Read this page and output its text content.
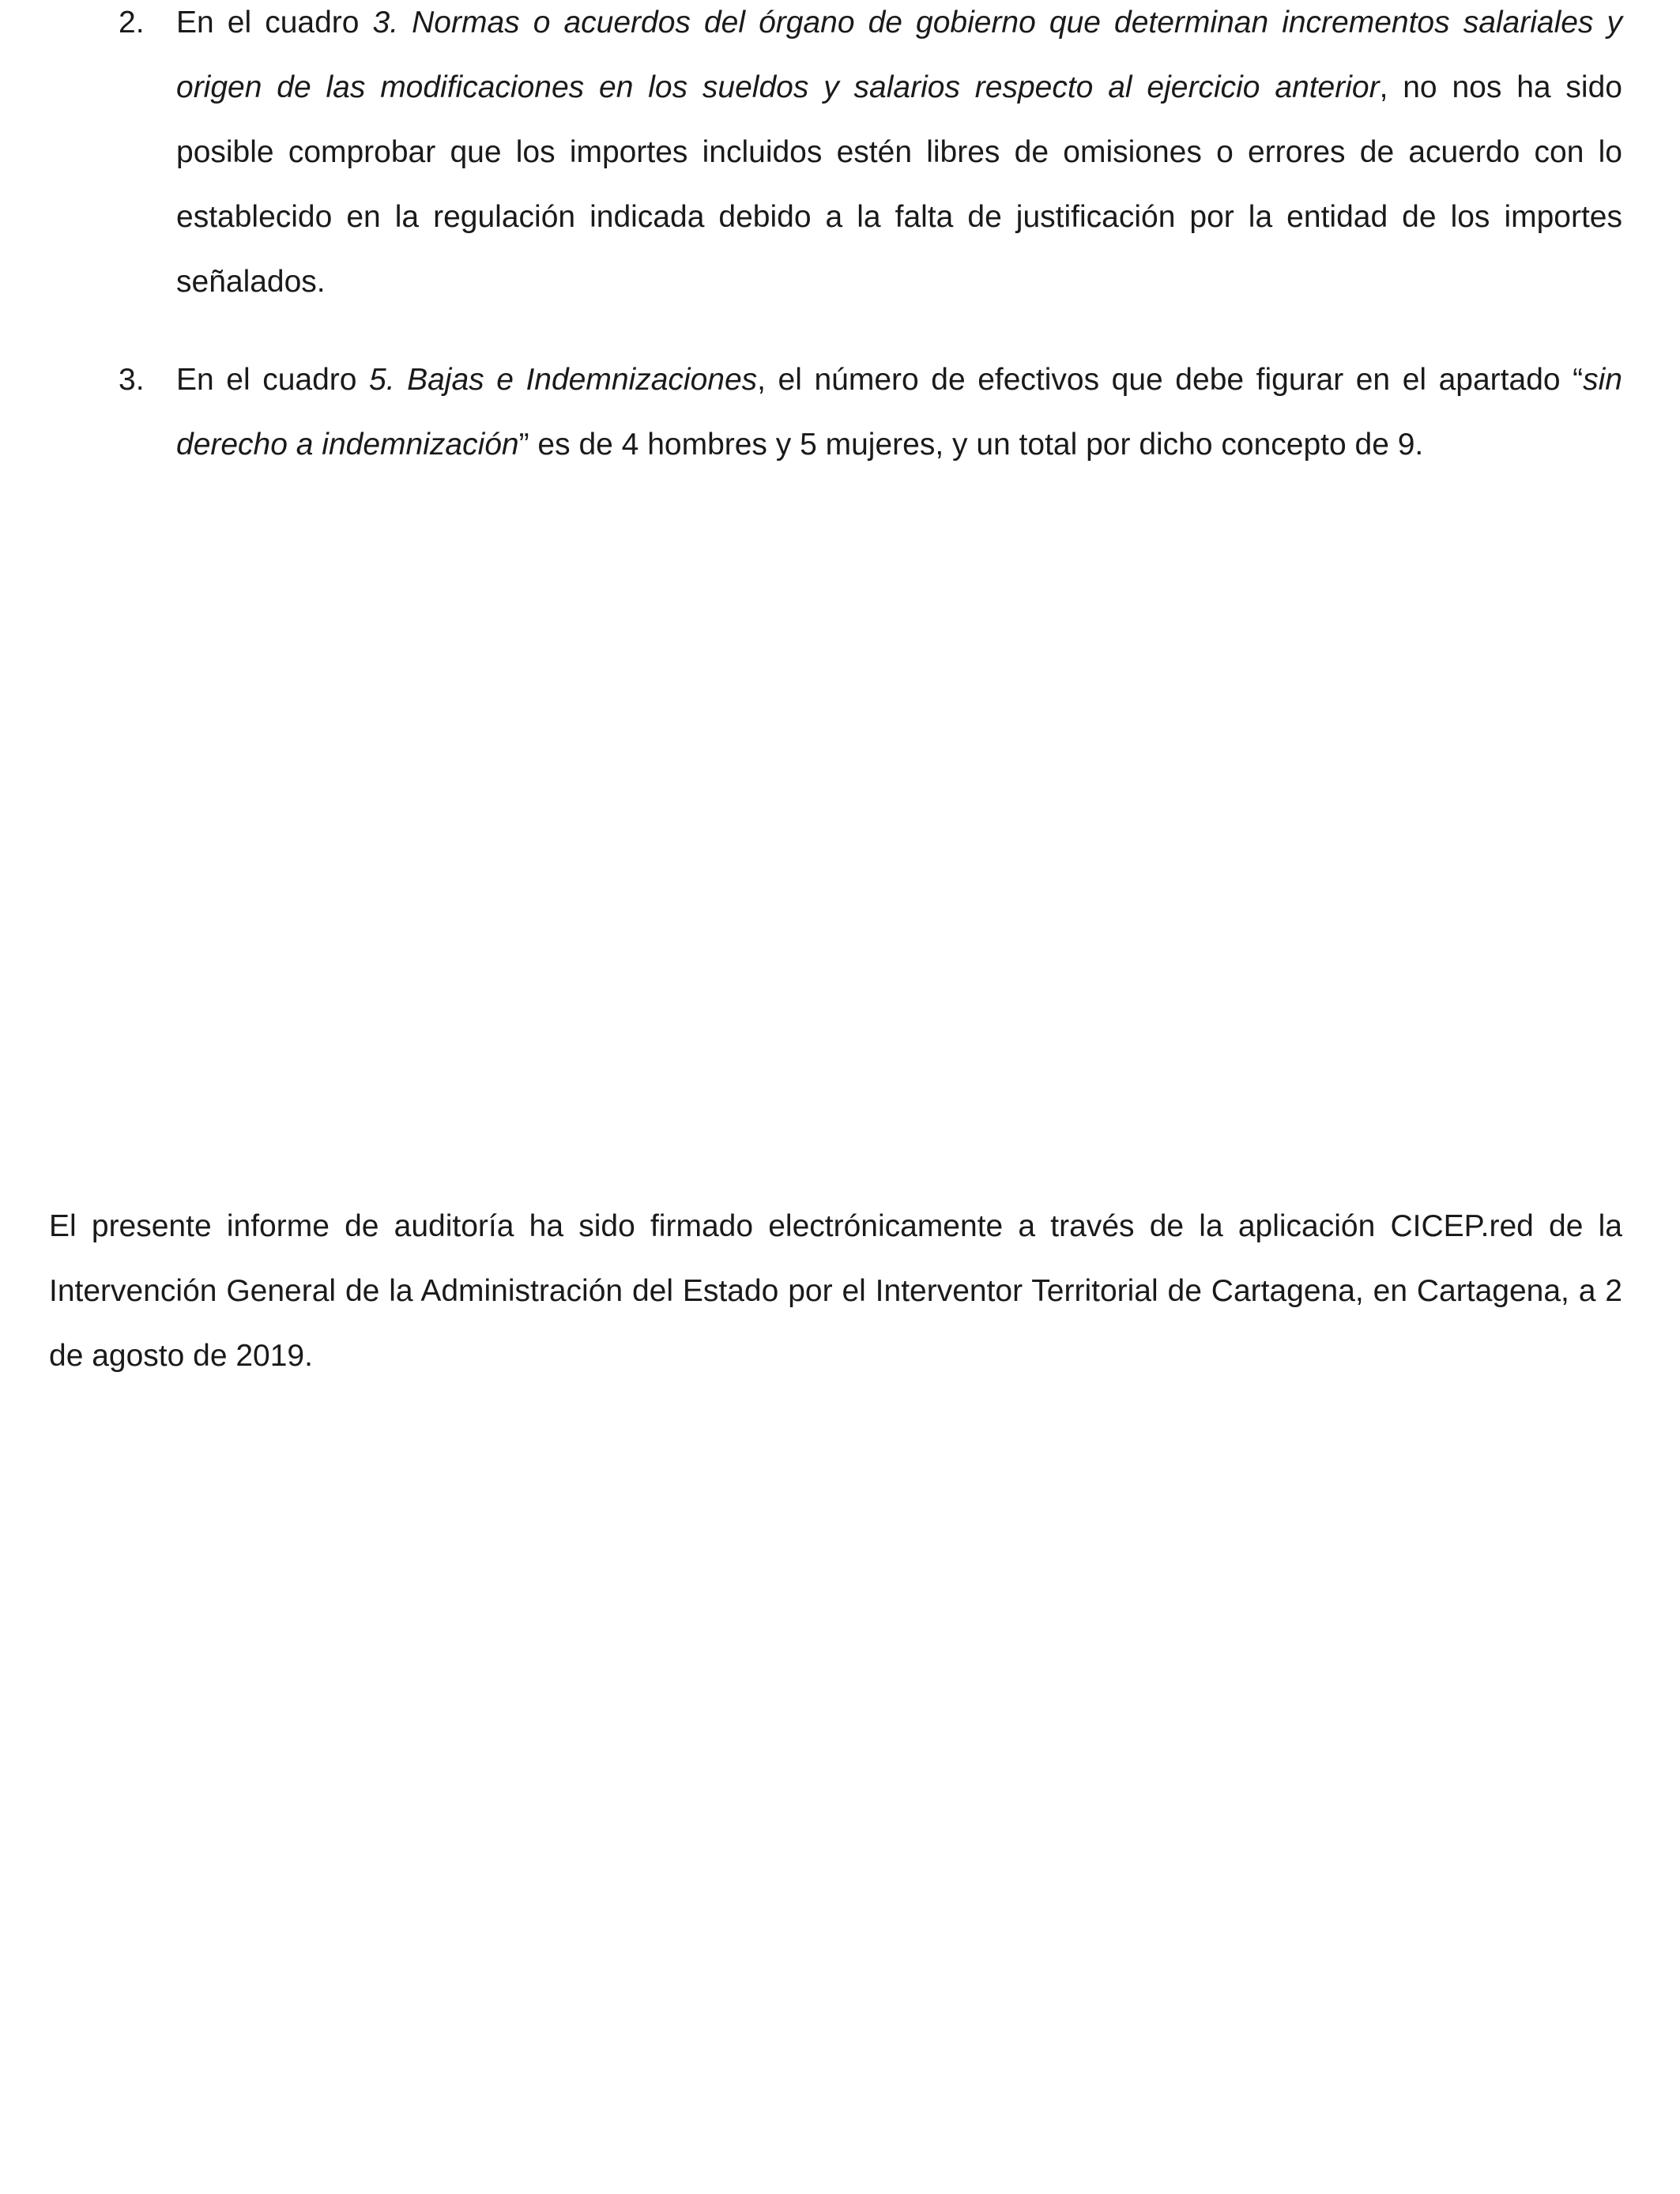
2. En el cuadro 3. Normas o acuerdos del órgano de gobierno que determinan incrementos salariales y origen de las modificaciones en los sueldos y salarios respecto al ejercicio anterior, no nos ha sido posible comprobar que los importes incluidos estén libres de omisiones o errores de acuerdo con lo establecido en la regulación indicada debido a la falta de justificación por la entidad de los importes señalados.
3. En el cuadro 5. Bajas e Indemnizaciones, el número de efectivos que debe figurar en el apartado “sin derecho a indemnización” es de 4 hombres y 5 mujeres, y un total por dicho concepto de 9.

El presente informe de auditoría ha sido firmado electrónicamente a través de la aplicación CICEP.red de la Intervención General de la Administración del Estado por el Interventor Territorial de Cartagena, en Cartagena, a 2 de agosto de 2019.
